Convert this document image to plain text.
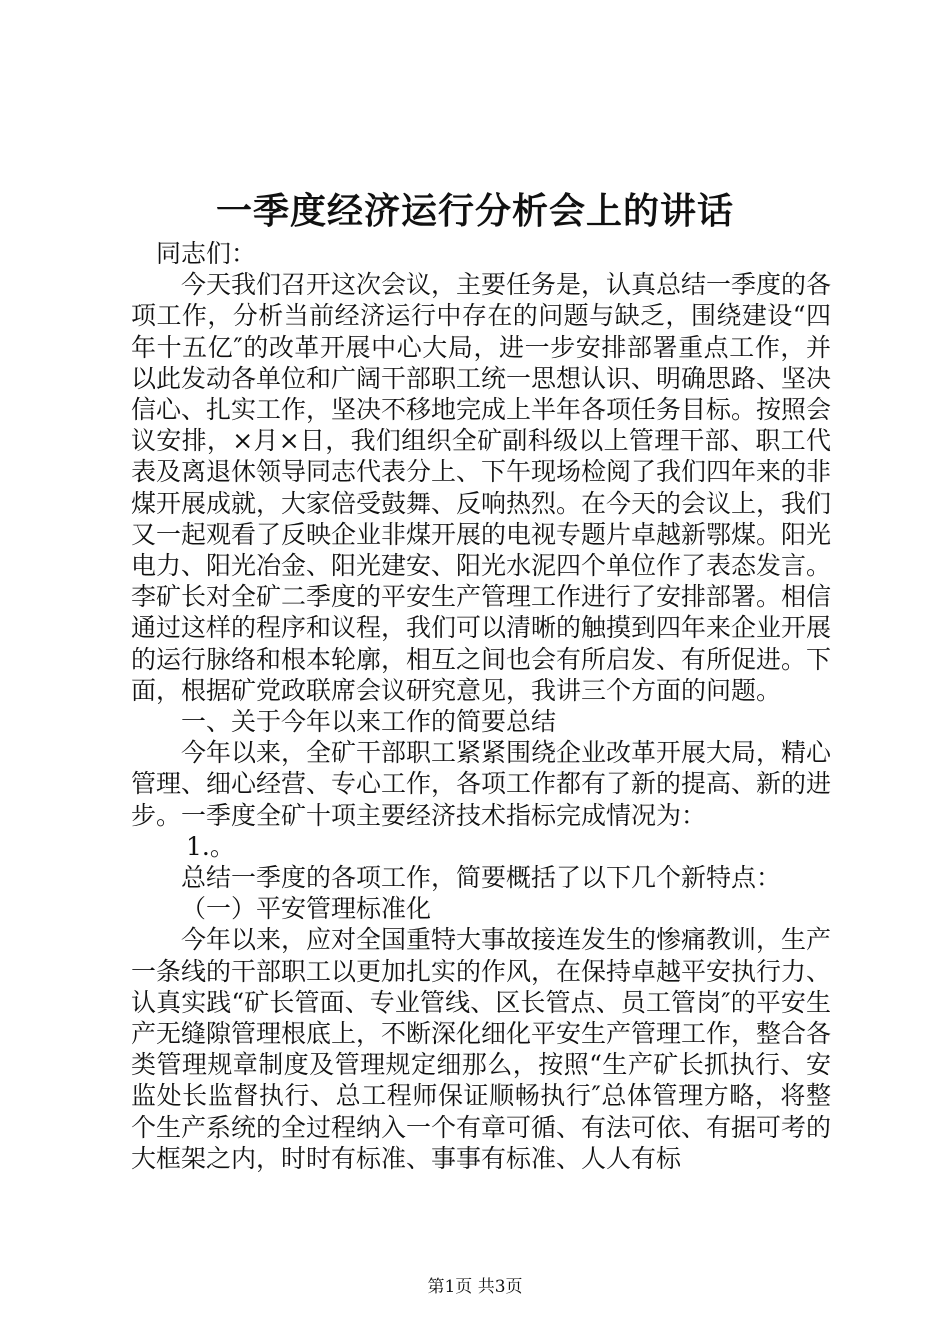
一季度经济运行分析会上的讲话

同志们：

今天我们召开这次会议，主要任务是，认真总结一季度的各项工作，分析当前经济运行中存在的问题与缺乏，围绕建设“四年十五亿″的改革开展中心大局，进一步安排部署重点工作，并以此发动各单位和广阔干部职工统一思想认识、明确思路、坚决信心、扎实工作，坚决不移地完成上半年各项任务目标。按照会议安排，×月×日，我们组织全矿副科级以上管理干部、职工代表及离退休领导同志代表分上、下午现场检阅了我们四年来的非煤开展成就，大家倍受鼓舞、反响热烈。在今天的会议上，我们又一起观看了反映企业非煤开展的电视专题片卓越新鄂煤。阳光电力、阳光冶金、阳光建安、阳光水泥四个单位作了表态发言。李矿长对全矿二季度的平安生产管理工作进行了安排部署。相信通过这样的程序和议程，我们可以清晰的触摸到四年来企业开展的运行脉络和根本轮廓，相互之间也会有所启发、有所促进。下面，根据矿党政联席会议研究意见，我讲三个方面的问题。

一、关于今年以来工作的简要总结

今年以来，全矿干部职工紧紧围绕企业改革开展大局，精心管理、细心经营、专心工作，各项工作都有了新的提高、新的进步。一季度全矿十项主要经济技术指标完成情况为：

1.。

总结一季度的各项工作，简要概括了以下几个新特点：

（一）平安管理标准化

今年以来，应对全国重特大事故接连发生的惨痛教训，生产一条线的干部职工以更加扎实的作风，在保持卓越平安执行力、认真实践“矿长管面、专业管线、区长管点、员工管岗″的平安生产无缝隙管理根底上，不断深化细化平安生产管理工作，整合各类管理规章制度及管理规定细那么，按照“生产矿长抓执行、安监处长监督执行、总工程师保证顺畅执行″总体管理方略，将整个生产系统的全过程纳入一个有章可循、有法可依、有据可考的大框架之内，时时有标准、事事有标准、人人有标

第1页 共3页
